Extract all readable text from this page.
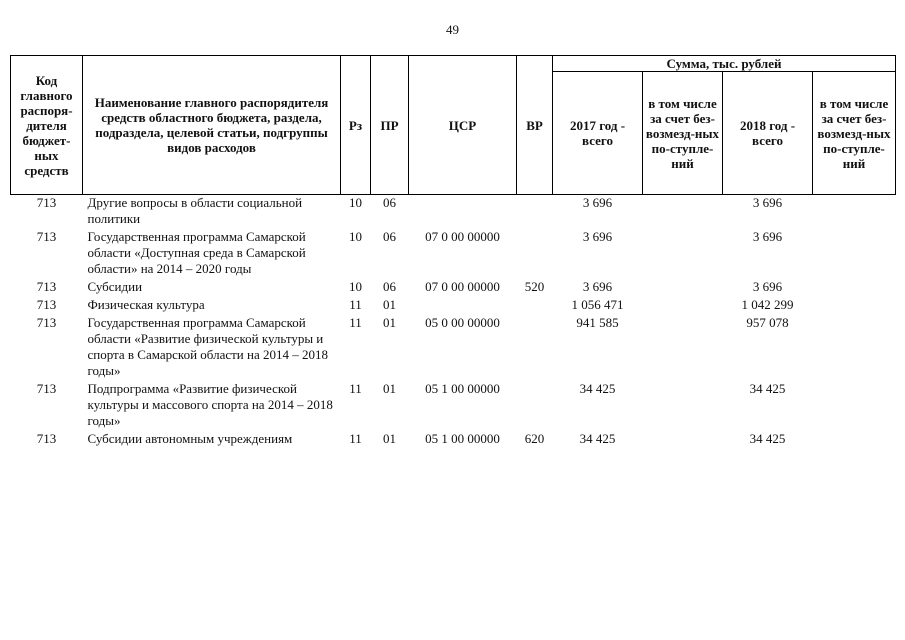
49
Код главного распоря-дителя бюджет-ных средств	Наименование главного распорядителя средств областного бюджета, раздела, подраздела, целевой статьи, подгруппы видов расходов	Рз	ПР	ЦСР	ВР	Сумма, тыс. рублей			
						2017 год - всего	в том числе за счет без-возмезд-ных по-ступле-ний	2018 год - всего	в том числе за счет без-возмезд-ных по-ступле-ний
713	Другие вопросы в области социальной политики	10	06			3 696		3 696	
713	Государственная программа Самарской области «Доступная среда в Самарской области» на 2014 – 2020 годы	10	06	07 0 00 00000		3 696		3 696	
713	Субсидии	10	06	07 0 00 00000	520	3 696		3 696	
713	Физическая культура	11	01			1 056 471		1 042 299	
713	Государственная программа Самарской области «Развитие физической культуры и спорта в Самарской области на 2014 – 2018 годы»	11	01	05 0 00 00000		941 585		957 078	
713	Подпрограмма «Развитие физической культуры и массового спорта на 2014 – 2018 годы»	11	01	05 1 00 00000		34 425		34 425	
713	Субсидии автономным учреждениям	11	01	05 1 00 00000	620	34 425		34 425	
